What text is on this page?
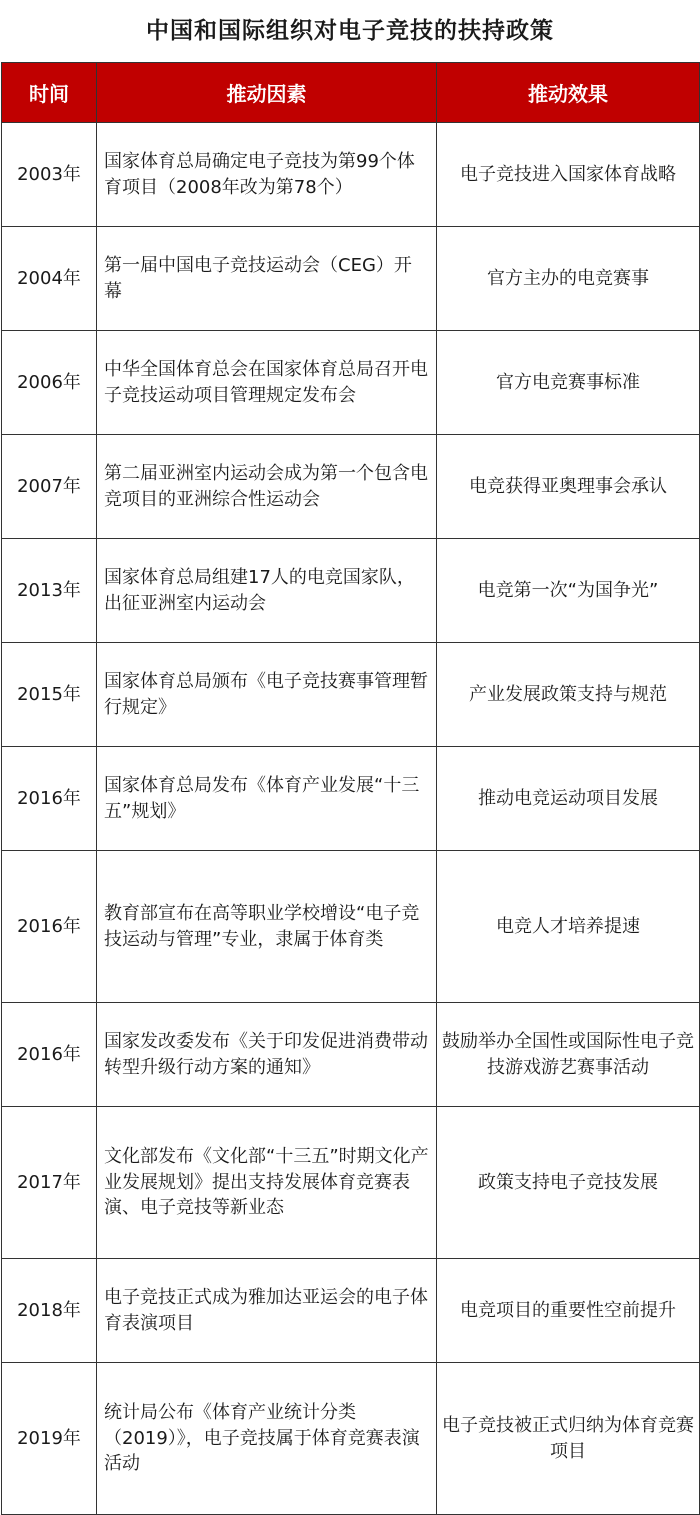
中国和国际组织对电子竞技的扶持政策
时间	推动因素	推动效果
2003年	国家体育总局确定电子竞技为第99个体育项目（2008年改为第78个）	电子竞技进入国家体育战略
2004年	第一届中国电子竞技运动会（CEG）开幕	官方主办的电竞赛事
2006年	中华全国体育总会在国家体育总局召开电子竞技运动项目管理规定发布会	官方电竞赛事标准
2007年	第二届亚洲室内运动会成为第一个包含电竞项目的亚洲综合性运动会	电竞获得亚奥理事会承认
2013年	国家体育总局组建17人的电竞国家队，出征亚洲室内运动会	电竞第一次“为国争光”
2015年	国家体育总局颁布《电子竞技赛事管理暂行规定》	产业发展政策支持与规范
2016年	国家体育总局发布《体育产业发展“十三五”规划》	推动电竞运动项目发展
2016年	教育部宣布在高等职业学校增设“电子竞技运动与管理”专业，隶属于体育类	电竞人才培养提速
2016年	国家发改委发布《关于印发促进消费带动转型升级行动方案的通知》	鼓励举办全国性或国际性电子竞技游戏游艺赛事活动
2017年	文化部发布《文化部“十三五”时期文化产业发展规划》提出支持发展体育竞赛表演、电子竞技等新业态	政策支持电子竞技发展
2018年	电子竞技正式成为雅加达亚运会的电子体育表演项目	电竞项目的重要性空前提升
2019年	统计局公布《体育产业统计分类（2019）》，电子竞技属于体育竞赛表演活动	电子竞技被正式归纳为体育竞赛项目
